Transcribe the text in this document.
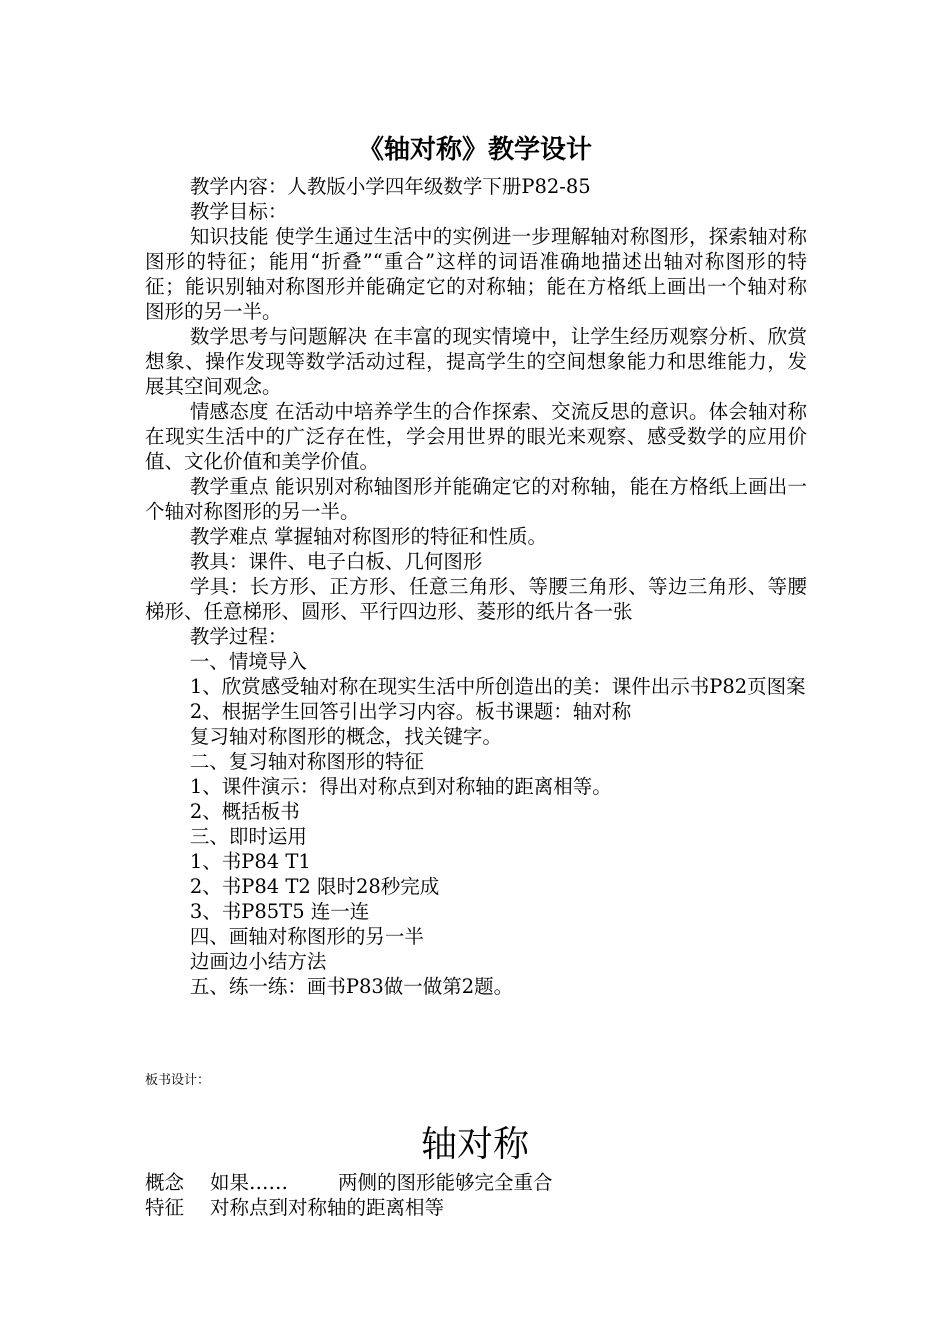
《轴对称》教学设计

教学内容：人教版小学四年级数学下册P82-85

教学目标：

知识技能 使学生通过生活中的实例进一步理解轴对称图形，探索轴对称图形的特征；能用“折叠”“重合”这样的词语准确地描述出轴对称图形的特征；能识别轴对称图形并能确定它的对称轴；能在方格纸上画出一个轴对称图形的另一半。

数学思考与问题解决 在丰富的现实情境中，让学生经历观察分析、欣赏想象、操作发现等数学活动过程，提高学生的空间想象能力和思维能力，发展其空间观念。

情感态度 在活动中培养学生的合作探索、交流反思的意识。体会轴对称在现实生活中的广泛存在性，学会用世界的眼光来观察、感受数学的应用价值、文化价值和美学价值。

教学重点 能识别对称轴图形并能确定它的对称轴，能在方格纸上画出一个轴对称图形的另一半。

教学难点 掌握轴对称图形的特征和性质。

教具：课件、电子白板、几何图形

学具：长方形、正方形、任意三角形、等腰三角形、等边三角形、等腰梯形、任意梯形、圆形、平行四边形、菱形的纸片各一张

教学过程：

一、情境导入

1、欣赏感受轴对称在现实生活中所创造出的美：课件出示书P82页图案

2、根据学生回答引出学习内容。板书课题：轴对称

复习轴对称图形的概念，找关键字。

二、复习轴对称图形的特征

1、课件演示：得出对称点到对称轴的距离相等。

2、概括板书

三、即时运用

1、书P84 T1

2、书P84 T2 限时28秒完成

3、书P85T5 连一连

四、画轴对称图形的另一半

边画边小结方法

五、练一练：画书P83做一做第2题。

板书设计：
轴对称
概念 如果……	两侧的图形能够完全重合
特征 对称点到对称轴的距离相等
